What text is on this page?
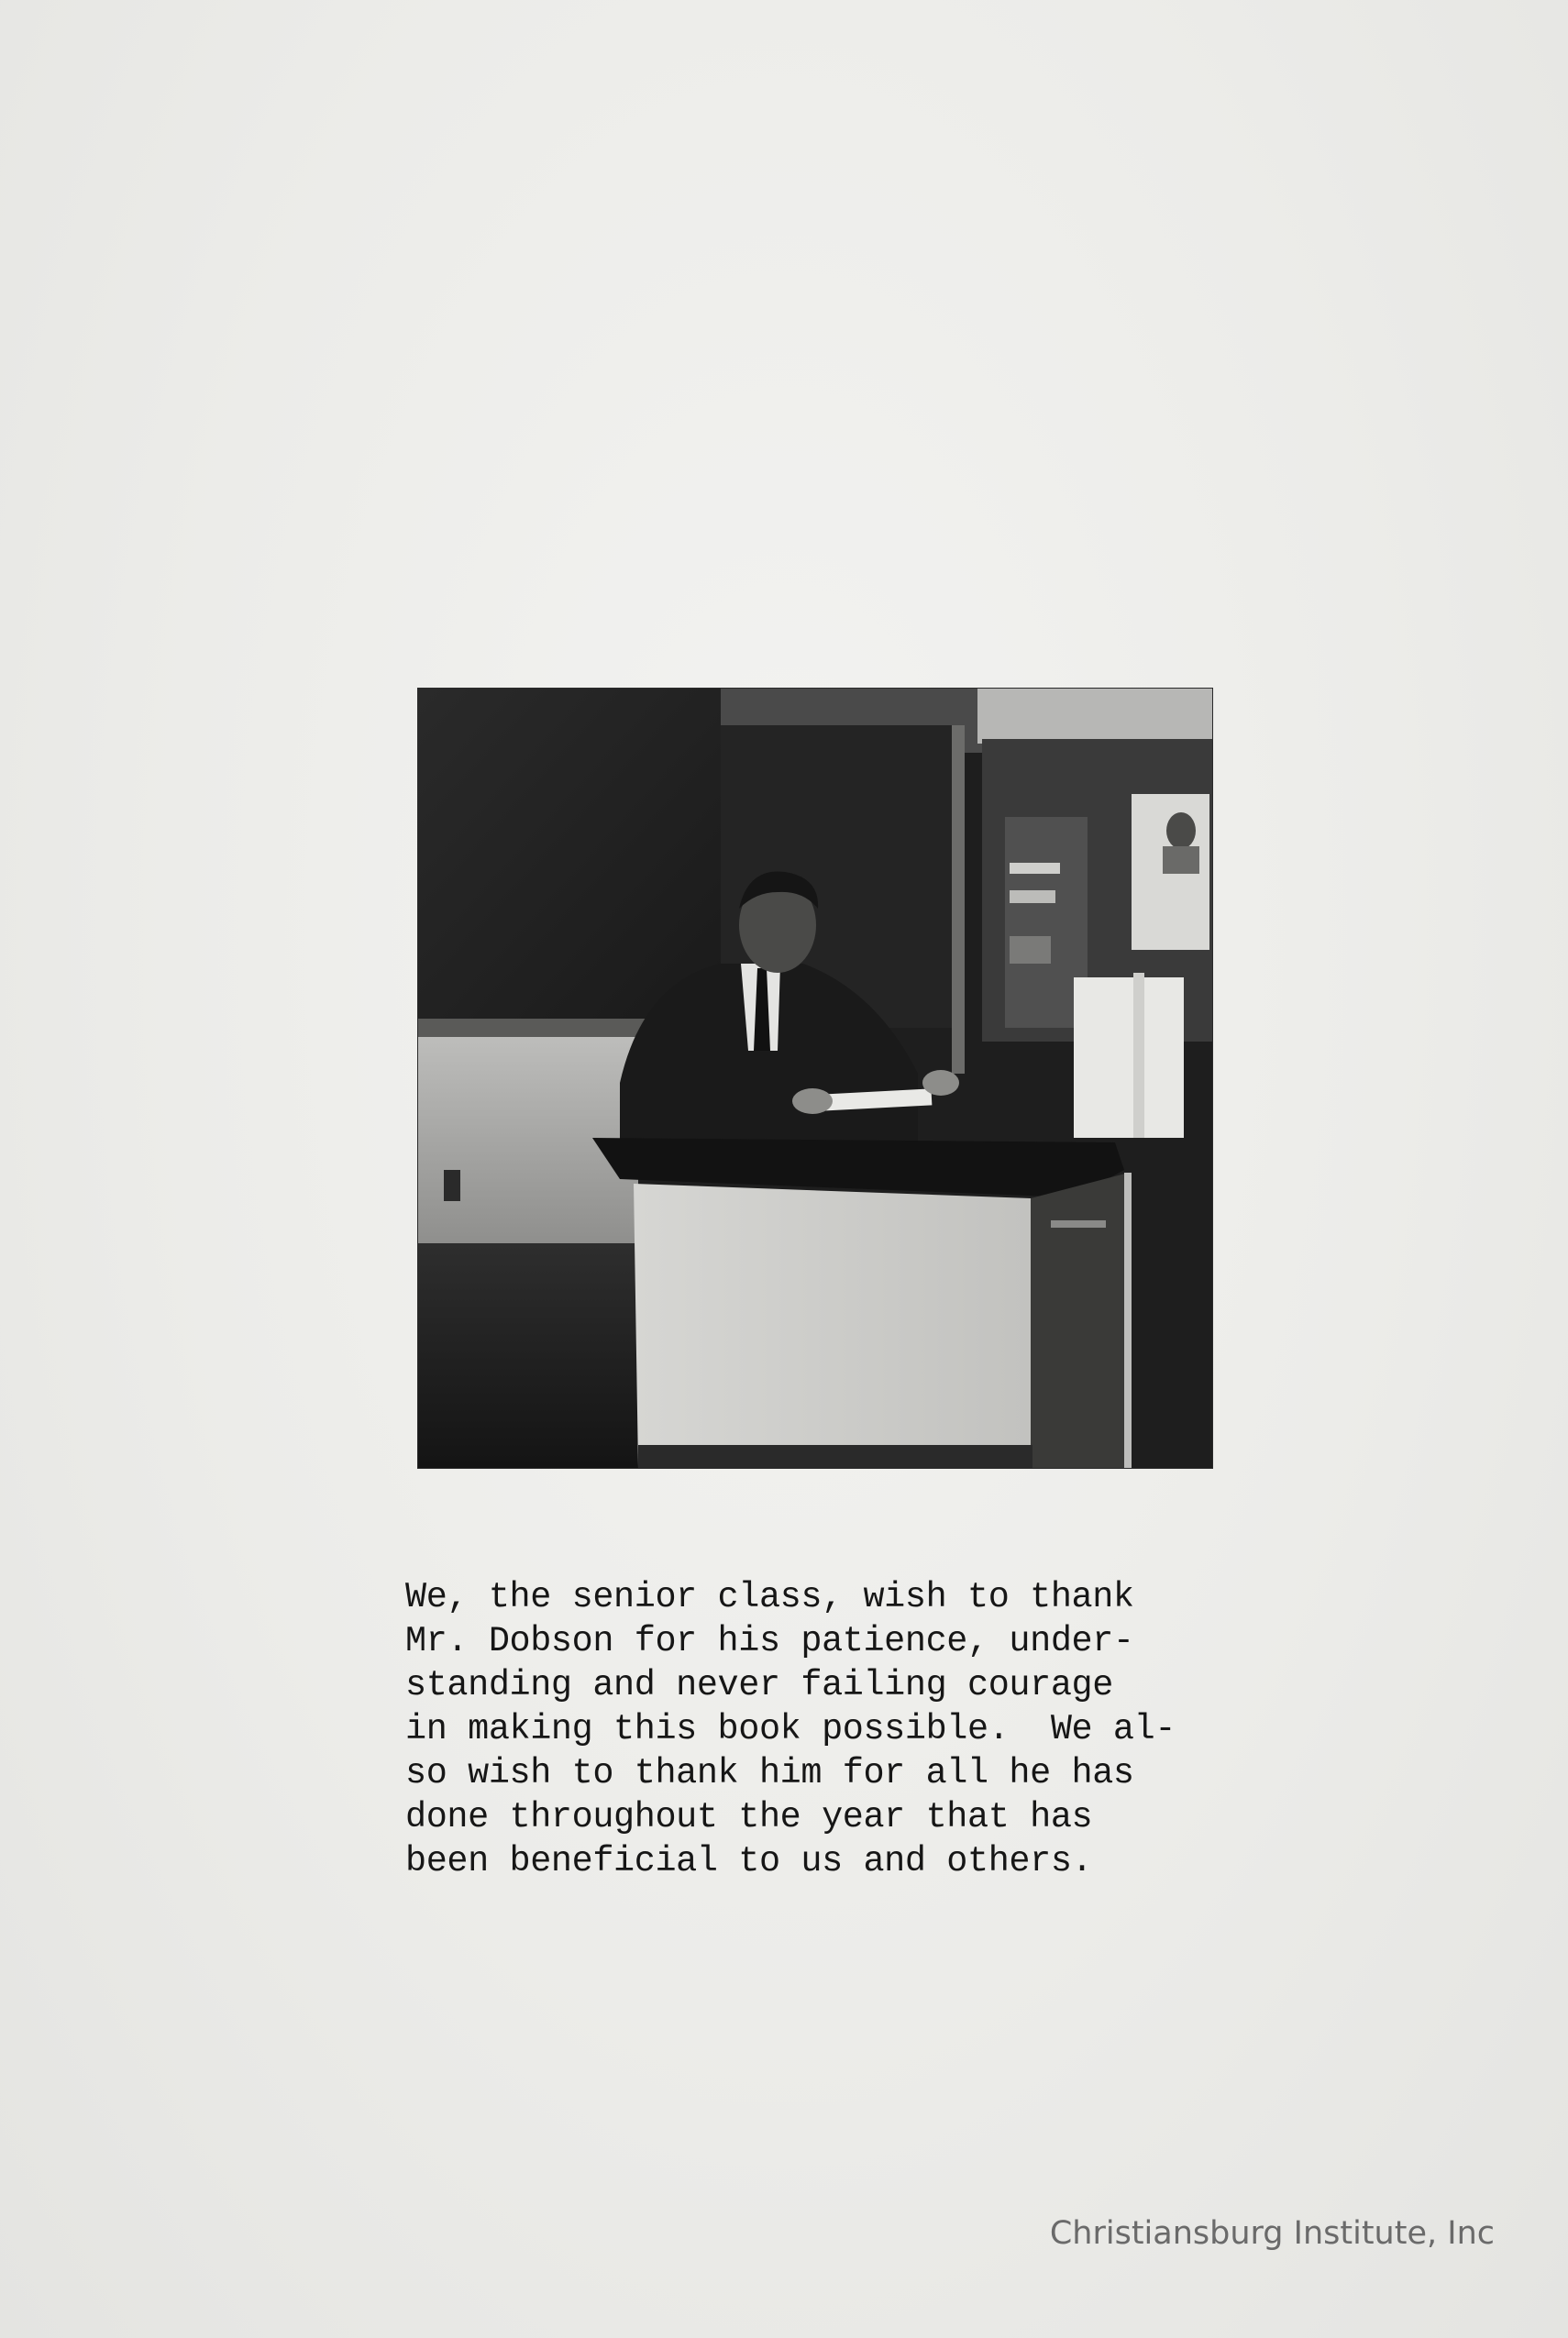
We, the senior class, wish to thank
Mr. Dobson for his patience, under-
standing and never failing courage
in making this book possible.  We al-
so wish to thank him for all he has
done throughout the year that has
been beneficial to us and others.

Christiansburg Institute, Inc
